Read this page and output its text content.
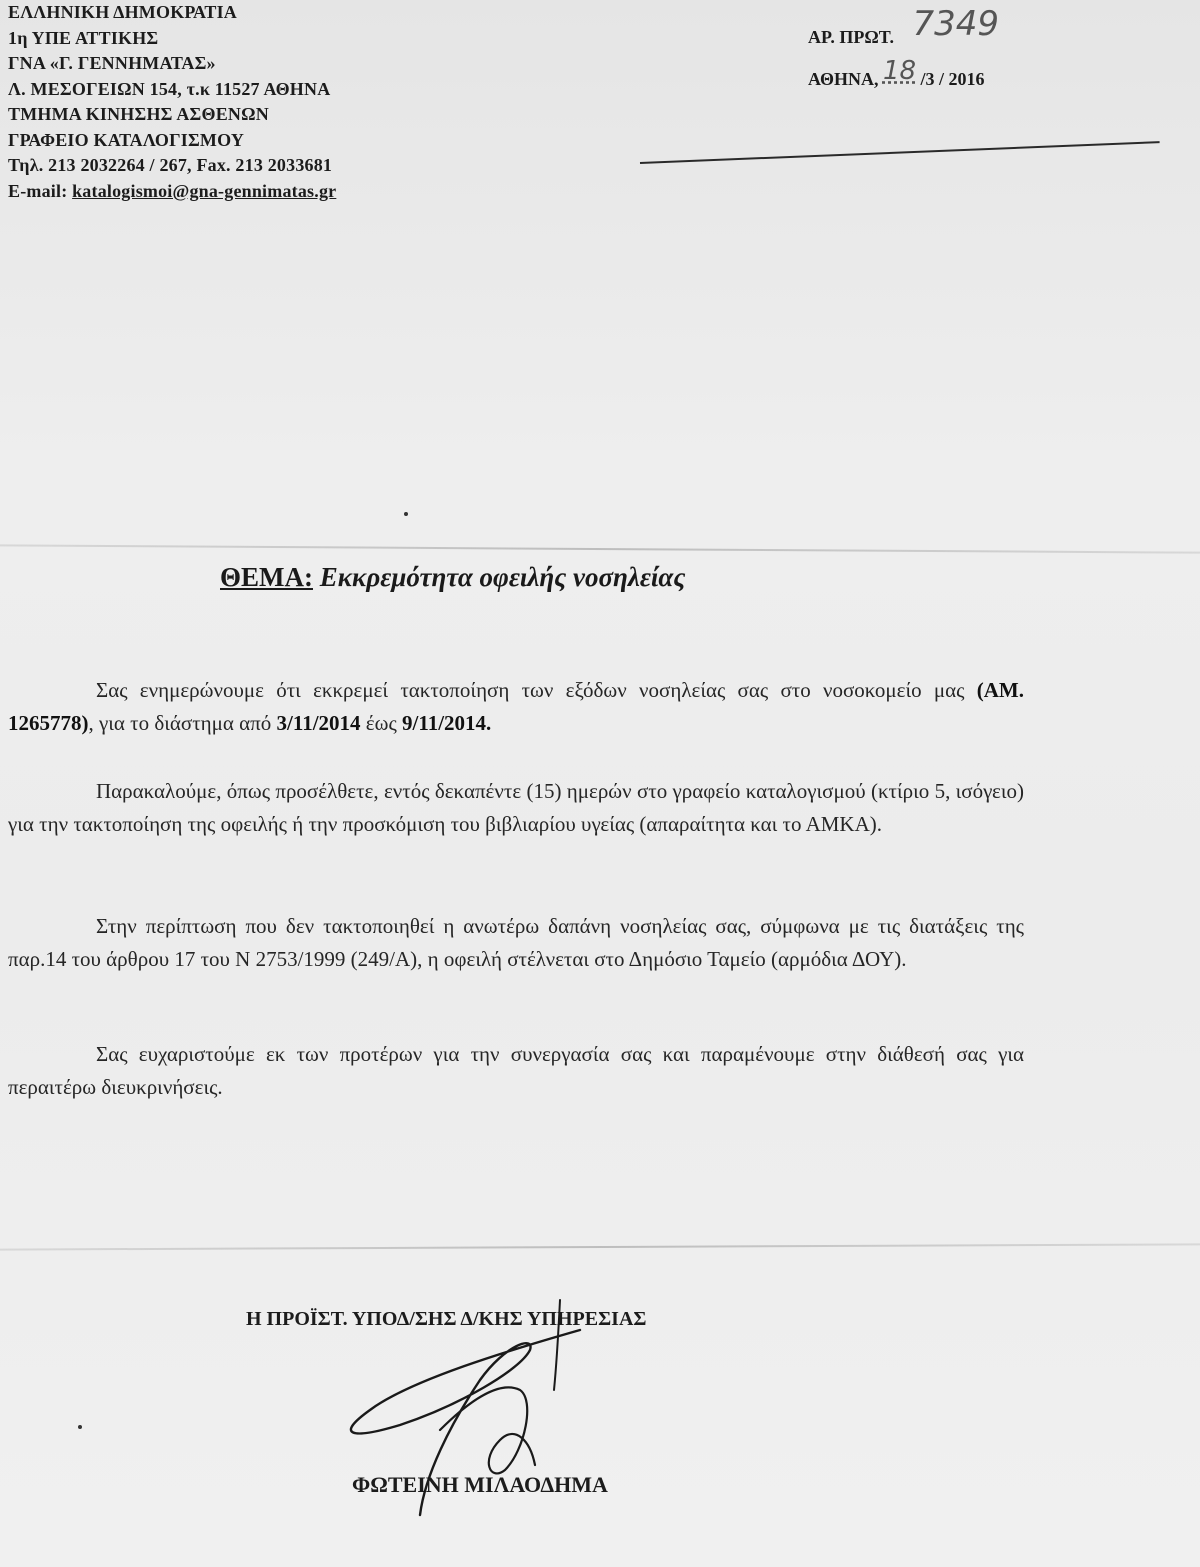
ΕΛΛΗΝΙΚΗ ΔΗΜΟΚΡΑΤΙΑ
1η ΥΠΕ ΑΤΤΙΚΗΣ
ΓΝΑ «Γ. ΓΕΝΝΗΜΑΤΑΣ»
Λ. ΜΕΣΟΓΕΙΩΝ 154, τ.κ 11527 ΑΘΗΝΑ
ΤΜΗΜΑ ΚΙΝΗΣΗΣ ΑΣΘΕΝΩΝ
ΓΡΑΦΕΙΟ ΚΑΤΑΛΟΓΙΣΜΟΥ
Τηλ. 213 2032264 / 267, Fax. 213 2033681
E-mail: katalogismoi@gna-gennimatas.gr
ΑΡ. ΠΡΩΤ. 7349
ΑΘΗΝΑ, 18 /3 / 2016
ΘΕΜΑ: Εκκρεμότητα οφειλής νοσηλείας

Σας ενημερώνουμε ότι εκκρεμεί τακτοποίηση των εξόδων νοσηλείας σας στο νοσοκομείο μας (ΑΜ. 1265778), για το διάστημα από 3/11/2014 έως 9/11/2014.

Παρακαλούμε, όπως προσέλθετε, εντός δεκαπέντε (15) ημερών στο γραφείο καταλογισμού (κτίριο 5, ισόγειο) για την τακτοποίηση της οφειλής ή την προσκόμιση του βιβλιαρίου υγείας (απαραίτητα και το ΑΜΚΑ).

Στην περίπτωση που δεν τακτοποιηθεί η ανωτέρω δαπάνη νοσηλείας σας, σύμφωνα με τις διατάξεις της παρ.14 του άρθρου 17 του Ν 2753/1999 (249/Α), η οφειλή στέλνεται στο Δημόσιο Ταμείο (αρμόδια ΔΟΥ).

Σας ευχαριστούμε εκ των προτέρων για την συνεργασία σας και παραμένουμε στην διάθεσή σας για περαιτέρω διευκρινήσεις.

Η ΠΡΟΪΣΤ. ΥΠΟΔ/ΣΗΣ Δ/ΚΗΣ ΥΠΗΡΕΣΙΑΣ
ΦΩΤΕΙΝΗ ΜΙΛΑΟΔΗΜΑ
